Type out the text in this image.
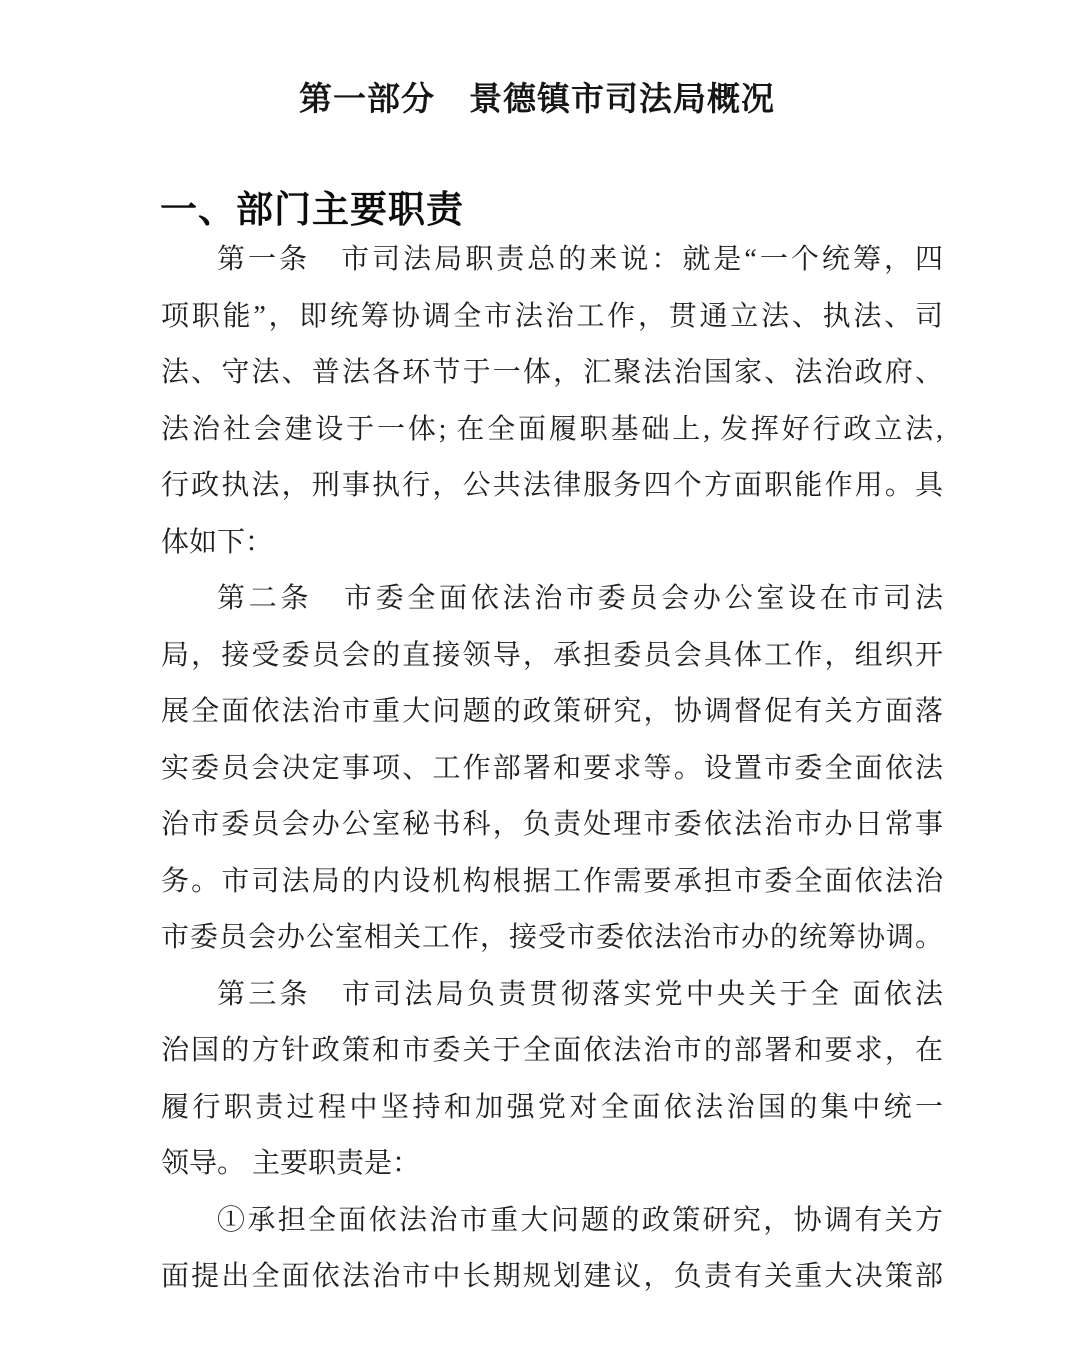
第一部分　景德镇市司法局概况
一、部门主要职责
第一条　市司法局职责总的来说：就是“一个统筹，四
项职能”，即统筹协调全市法治工作，贯通立法、执法、司
法、守法、普法各环节于一体，汇聚法治国家、法治政府、
法治社会建设于一体; 在全面履职基础上, 发挥好行政立法,
行政执法，刑事执行，公共法律服务四个方面职能作用。具
体如下：
第二条　市委全面依法治市委员会办公室设在市司法
局，接受委员会的直接领导，承担委员会具体工作，组织开
展全面依法治市重大问题的政策研究，协调督促有关方面落
实委员会决定事项、工作部署和要求等。设置市委全面依法
治市委员会办公室秘书科，负责处理市委依法治市办日常事
务。市司法局的内设机构根据工作需要承担市委全面依法治
市委员会办公室相关工作，接受市委依法治市办的统筹协调。
第三条　市司法局负责贯彻落实党中央关于全 面依法
治国的方针政策和市委关于全面依法治市的部署和要求，在
履行职责过程中坚持和加强党对全面依法治国的集中统一
领导。 主要职责是：
①承担全面依法治市重大问题的政策研究，协调有关方
面提出全面依法治市中长期规划建议，负责有关重大决策部
